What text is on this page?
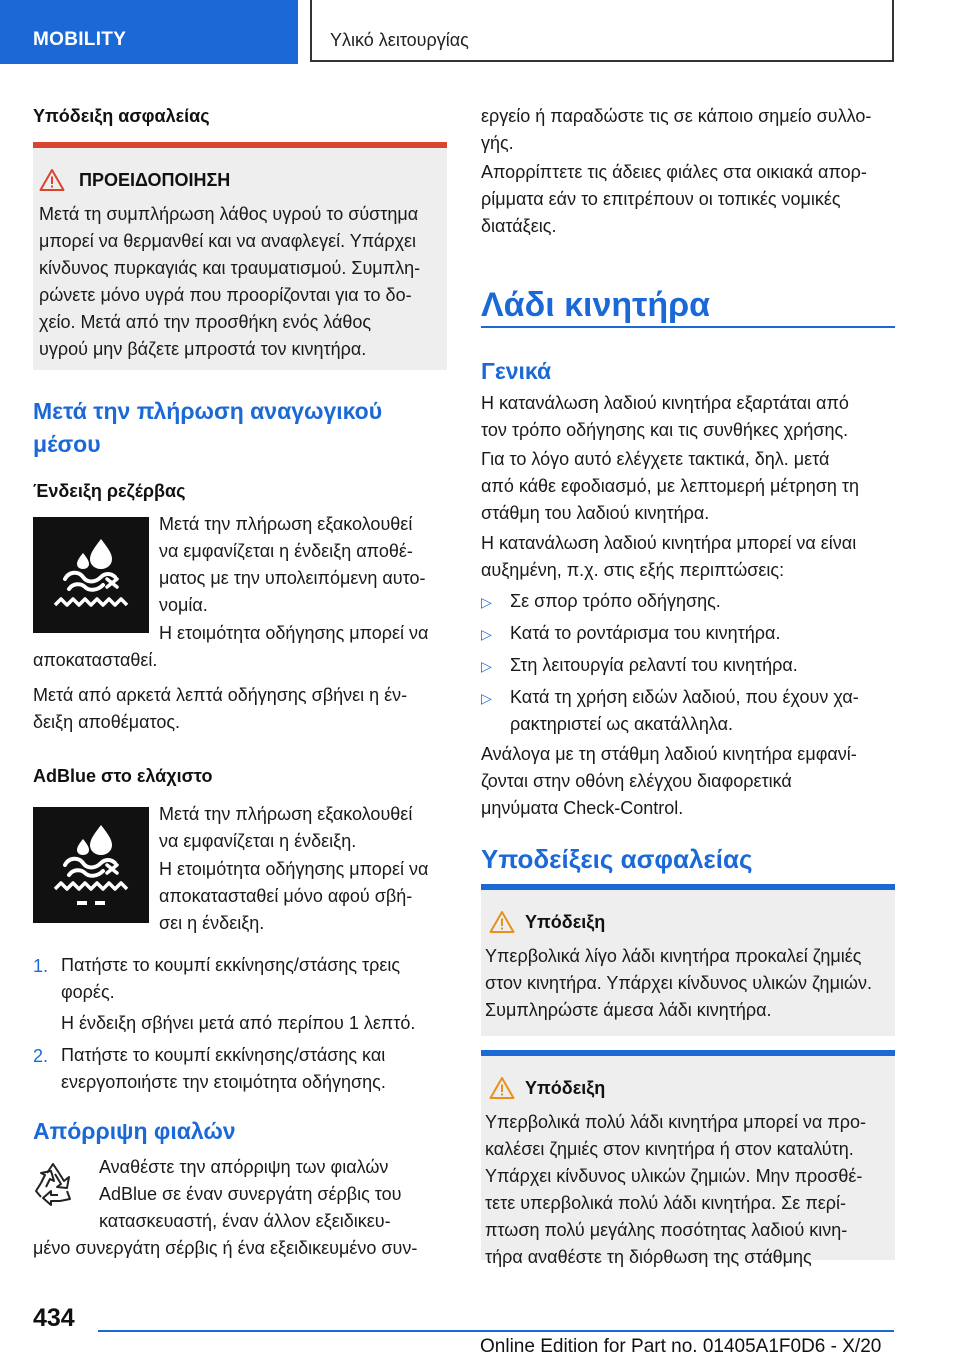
MOBILITY	Υλικό λειτουργίας
Υπόδειξη ασφαλείας
ΠΡΟΕΙΔΟΠΟΙΗΣΗ

Μετά τη συμπλήρωση λάθος υγρού το σύστημα
μπορεί να θερμανθεί και να αναφλεγεί. Υπάρχει
κίνδυνος πυρκαγιάς και τραυματισμού. Συμπλη-
ρώνετε μόνο υγρά που προορίζονται για το δο-
χείο. Μετά από την προσθήκη ενός λάθος
υγρού μην βάζετε μπροστά τον κινητήρα.

Μετά την πλήρωση αναγωγικού
μέσου
Ένδειξη ρεζέρβας

Μετά την πλήρωση εξακολουθεί
να εμφανίζεται η ένδειξη αποθέ-
ματος με την υπολειπόμενη αυτο-
νομία.

Η ετοιμότητα οδήγησης μπορεί να

αποκατασταθεί.

Μετά από αρκετά λεπτά οδήγησης σβήνει η έν-
δειξη αποθέματος.

AdBlue στο ελάχιστο

Μετά την πλήρωση εξακολουθεί
να εμφανίζεται η ένδειξη.

Η ετοιμότητα οδήγησης μπορεί να
αποκατασταθεί μόνο αφού σβή-
σει η ένδειξη.

1. Πατήστε το κουμπί εκκίνησης/στάσης τρεις
φορές.

Η ένδειξη σβήνει μετά από περίπου 1 λεπτό.

2. Πατήστε το κουμπί εκκίνησης/στάσης και
ενεργοποιήστε την ετοιμότητα οδήγησης.

Απόρριψη φιαλών

Αναθέστε την απόρριψη των φιαλών
AdBlue σε έναν συνεργάτη σέρβις του
κατασκευαστή, έναν άλλον εξειδικευ-

μένο συνεργάτη σέρβις ή ένα εξειδικευμένο συν-

εργείο ή παραδώστε τις σε κάποιο σημείο συλλο-
γής.

Απορρίπτετε τις άδειες φιάλες στα οικιακά απορ-
ρίμματα εάν το επιτρέπουν οι τοπικές νομικές
διατάξεις.

Λάδι κινητήρα
Γενικά

Η κατανάλωση λαδιού κινητήρα εξαρτάται από
τον τρόπο οδήγησης και τις συνθήκες χρήσης.

Για το λόγο αυτό ελέγχετε τακτικά, δηλ. μετά
από κάθε εφοδιασμό, με λεπτομερή μέτρηση τη
στάθμη του λαδιού κινητήρα.

Η κατανάλωση λαδιού κινητήρα μπορεί να είναι
αυξημένη, π.χ. στις εξής περιπτώσεις:

▷ Σε σπορ τρόπο οδήγησης.

▷ Κατά το ροντάρισμα του κινητήρα.

▷ Στη λειτουργία ρελαντί του κινητήρα.

▷ Κατά τη χρήση ειδών λαδιού, που έχουν χα-
ρακτηριστεί ως ακατάλληλα.

Ανάλογα με τη στάθμη λαδιού κινητήρα εμφανί-
ζονται στην οθόνη ελέγχου διαφορετικά
μηνύματα Check-Control.

Υποδείξεις ασφαλείας
Υπόδειξη

Υπερβολικά λίγο λάδι κινητήρα προκαλεί ζημιές
στον κινητήρα. Υπάρχει κίνδυνος υλικών ζημιών.
Συμπληρώστε άμεσα λάδι κινητήρα.

Υπόδειξη

Υπερβολικά πολύ λάδι κινητήρα μπορεί να προ-
καλέσει ζημιές στον κινητήρα ή στον καταλύτη.
Υπάρχει κίνδυνος υλικών ζημιών. Μην προσθέ-
τετε υπερβολικά πολύ λάδι κινητήρα. Σε περί-
πτωση πολύ μεγάλης ποσότητας λαδιού κινη-
τήρα αναθέστε τη διόρθωση της στάθμης

434
Online Edition for Part no. 01405A1F0D6 - X/20
